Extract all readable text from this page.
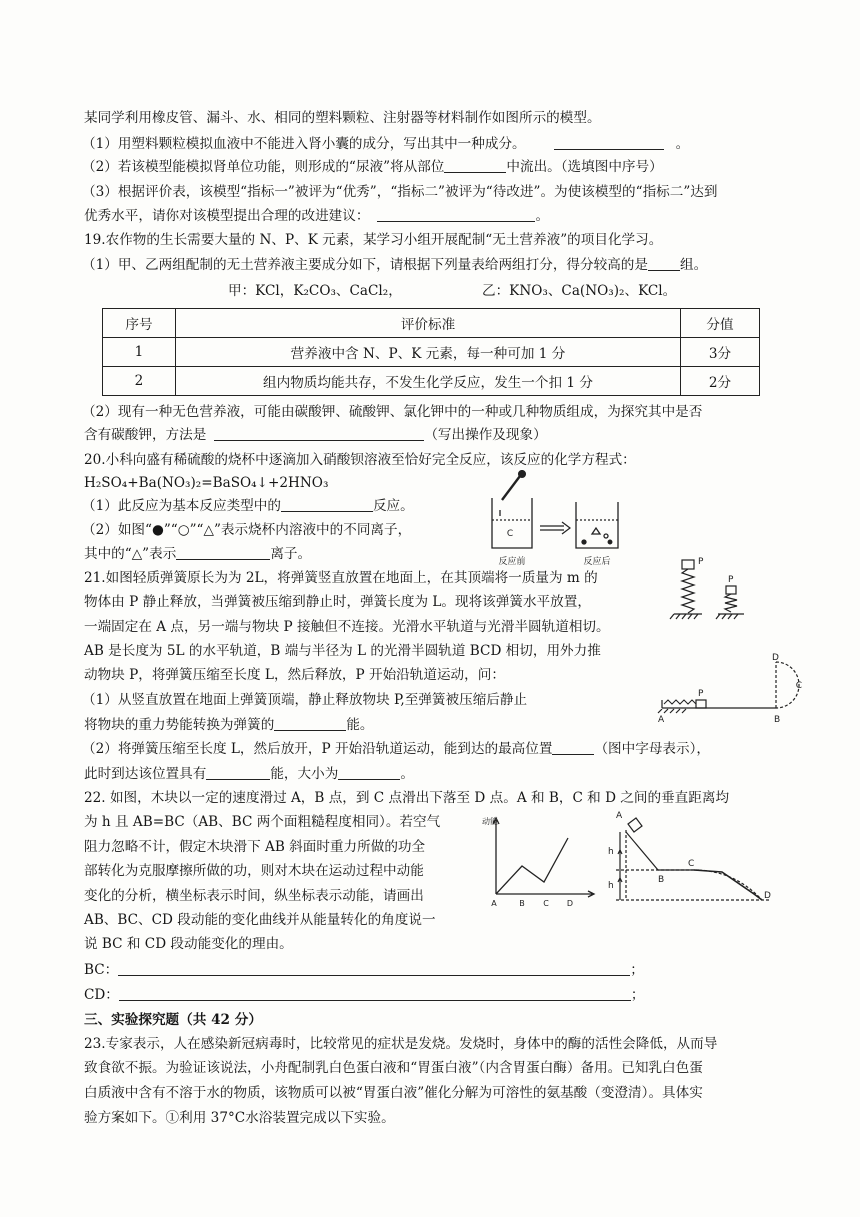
某同学利用橡皮管、漏斗、水、相同的塑料颗粒、注射器等材料制作如图所示的模型。
（1）用塑料颗粒模拟血液中不能进入肾小囊的成分，写出其中一种成分。	。
（2）若该模型能模拟肾单位功能，则形成的“尿液”将从部位	中流出。（选填图中序号）
（3）根据评价表，该模型“指标一”被评为“优秀”，“指标二”被评为“待改进”。为使该模型的“指标二”达到
优秀水平，请你对该模型提出合理的改进建议：	。
19.农作物的生长需要大量的 N、P、K 元素，某学习小组开展配制“无土营养液”的项目化学习。
（1）甲、乙两组配制的无土营养液主要成分如下，请根据下列量表给两组打分，得分较高的是 组。
甲：KCl，K₂CO₃、CaCl₂，	乙：KNO₃、Ca(NO₃)₂、KCl。
序号	评价标准	分值
1	营养液中含 N、P、K 元素，每一种可加 1 分	3分
2	组内物质均能共存，不发生化学反应，发生一个扣 1 分	2分
（2）现有一种无色营养液，可能由碳酸钾、硫酸钾、氯化钾中的一种或几种物质组成，为探究其中是否
含有碳酸钾，方法是	（写出操作及现象）
20.小科向盛有稀硫酸的烧杯中逐滴加入硝酸钡溶液至恰好完全反应，该反应的化学方程式：
H₂SO₄+Ba(NO₃)₂=BaSO₄↓+2HNO₃
（1）此反应为基本反应类型中的	反应。
（2）如图“●”“○”“△”表示烧杯内溶液中的不同离子，
其中的“△”表示	离子。
C
反应前	反应后
21.如图轻质弹簧原长为为 2L，将弹簧竖直放置在地面上，在其顶端将一质量为 m 的
物体由 P 静止释放，当弹簧被压缩到静止时，弹簧长度为 L。现将该弹簧水平放置，
一端固定在 A 点，另一端与物块 P 接触但不连接。光滑水平轨道与光滑半圆轨道相切。
AB 是长度为 5L 的水平轨道，B 端与半径为 L 的光滑半圆轨道 BCD 相切，用外力推
动物块 P，将弹簧压缩至长度 L，然后释放，P 开始沿轨道运动，问：
（1）从竖直放置在地面上弹簧顶端，静止释放物块 P,至弹簧被压缩后静止
将物块的重力势能转换为弹簧的	能。
（2）将弹簧压缩至长度 L，然后放开，P 开始沿轨道运动，能到达的最高位置	（图中字母表示），
此时到达该位置具有	能，大小为	。
P
P
P
A	B
C
D
22. 如图，木块以一定的速度滑过 A，B 点，到 C 点滑出下落至 D 点。A 和 B，C 和 D 之间的垂直距离均
为 h 且 AB=BC（AB、BC 两个面粗糙程度相同）。若空气
阻力忽略不计，假定木块滑下 AB 斜面时重力所做的功全
部转化为克服摩擦所做的功，则对木块在运动过程中动能
变化的分析，横坐标表示时间，纵坐标表示动能，请画出
AB、BC、CD 段动能的变化曲线并从能量转化的角度说一
说 BC 和 CD 段动能变化的理由。
BC：	；
CD：	；
动能
A	B C D
A
B
C
D
h
h
三、实验探究题（共 42 分）
23.专家表示，人在感染新冠病毒时，比较常见的症状是发烧。发烧时，身体中的酶的活性会降低，从而导
致食欲不振。为验证该说法，小舟配制乳白色蛋白液和“胃蛋白液”（内含胃蛋白酶）备用。已知乳白色蛋
白质液中含有不溶于水的物质，该物质可以被“胃蛋白液”催化分解为可溶性的氨基酸（变澄清）。具体实
验方案如下。①利用 37°C水浴装置完成以下实验。
